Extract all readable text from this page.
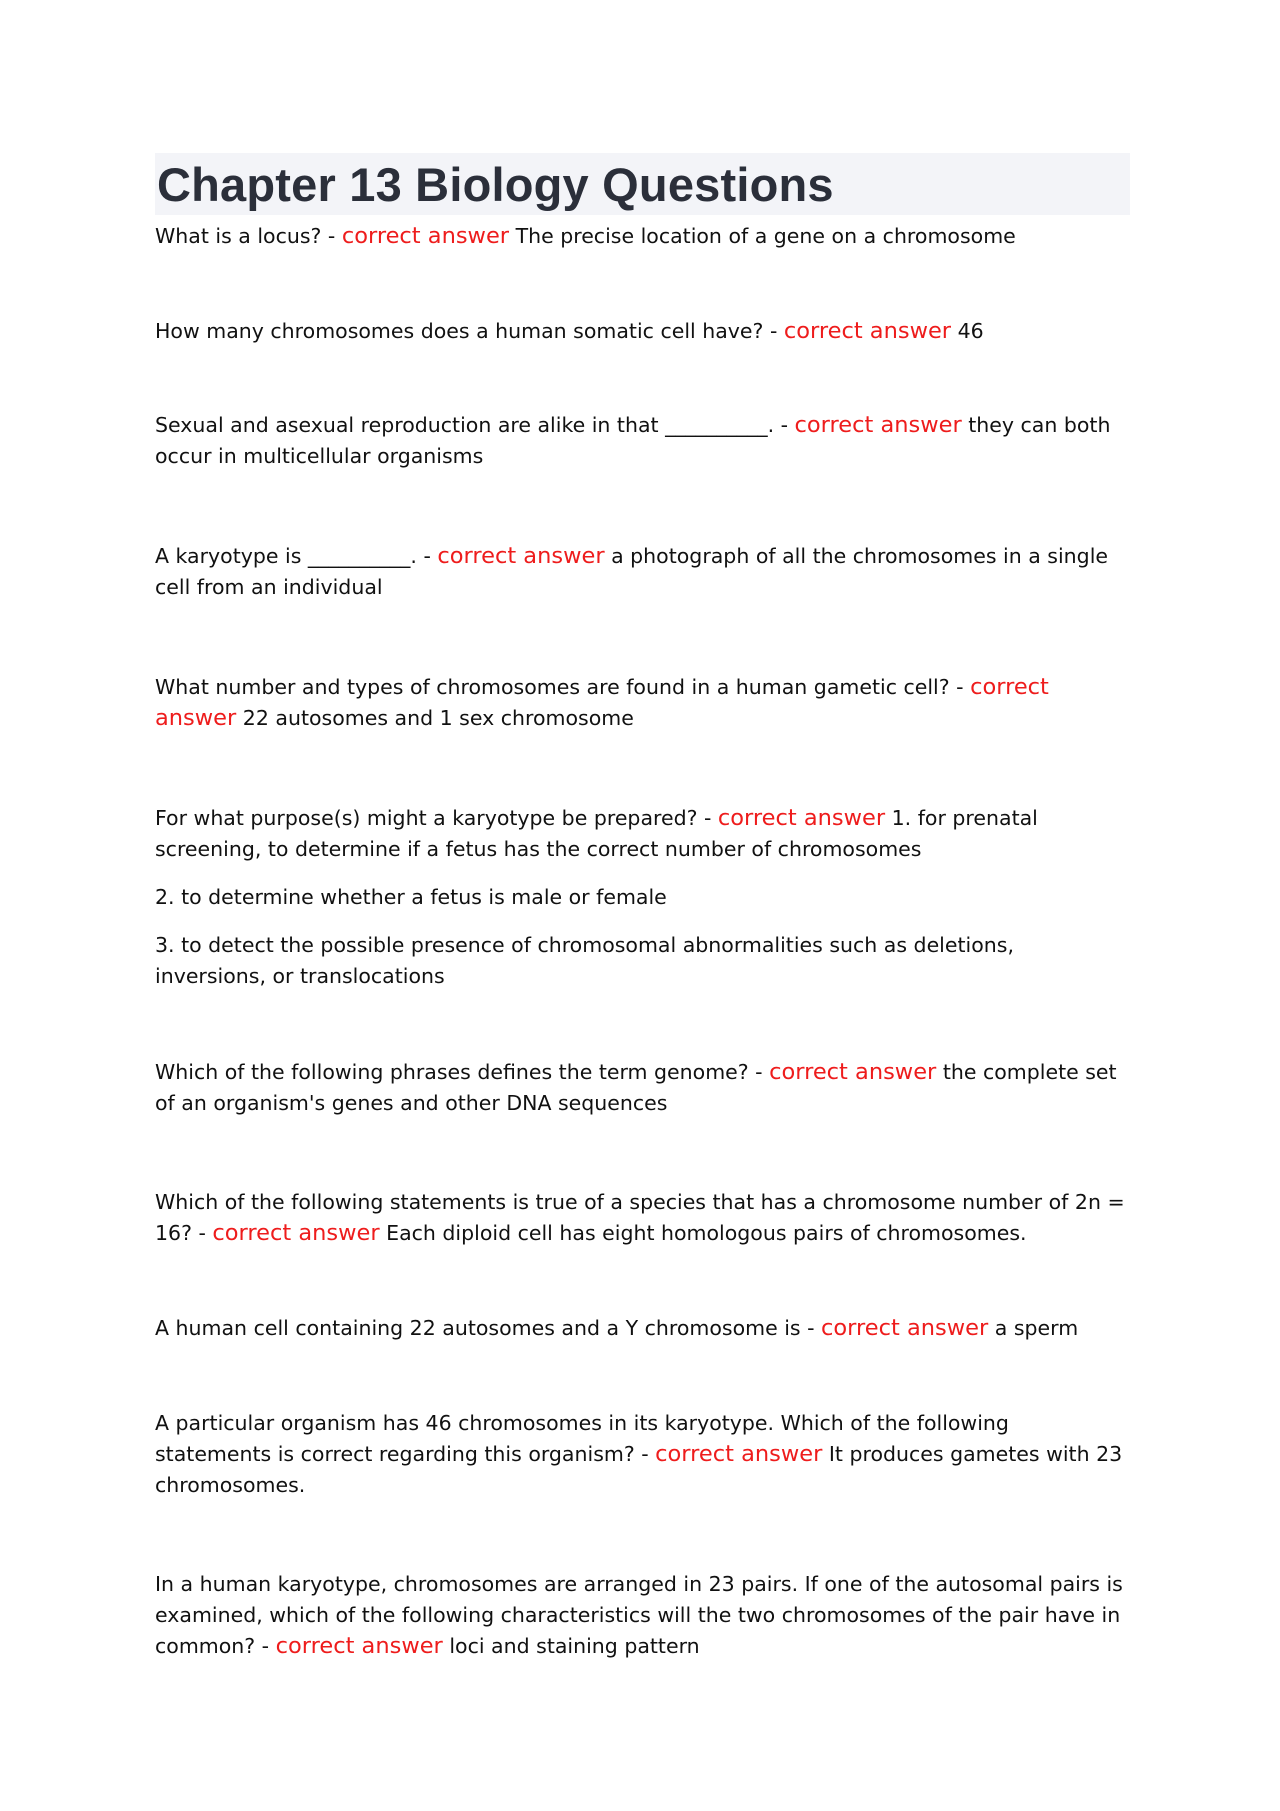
Chapter 13 Biology Questions

What is a locus? - correct answer The precise location of a gene on a chromosome

How many chromosomes does a human somatic cell have? - correct answer 46

Sexual and asexual reproduction are alike in that __________. - correct answer they can both occur in multicellular organisms

A karyotype is __________. - correct answer a photograph of all the chromosomes in a single cell from an individual

What number and types of chromosomes are found in a human gametic cell? - correct answer 22 autosomes and 1 sex chromosome

For what purpose(s) might a karyotype be prepared? - correct answer 1. for prenatal screening, to determine if a fetus has the correct number of chromosomes

2. to determine whether a fetus is male or female

3. to detect the possible presence of chromosomal abnormalities such as deletions, inversions, or translocations

Which of the following phrases defines the term genome? - correct answer the complete set of an organism's genes and other DNA sequences

Which of the following statements is true of a species that has a chromosome number of 2n = 16? - correct answer Each diploid cell has eight homologous pairs of chromosomes.

A human cell containing 22 autosomes and a Y chromosome is - correct answer a sperm

A particular organism has 46 chromosomes in its karyotype. Which of the following statements is correct regarding this organism? - correct answer It produces gametes with 23 chromosomes.

In a human karyotype, chromosomes are arranged in 23 pairs. If one of the autosomal pairs is examined, which of the following characteristics will the two chromosomes of the pair have in common? - correct answer loci and staining pattern
